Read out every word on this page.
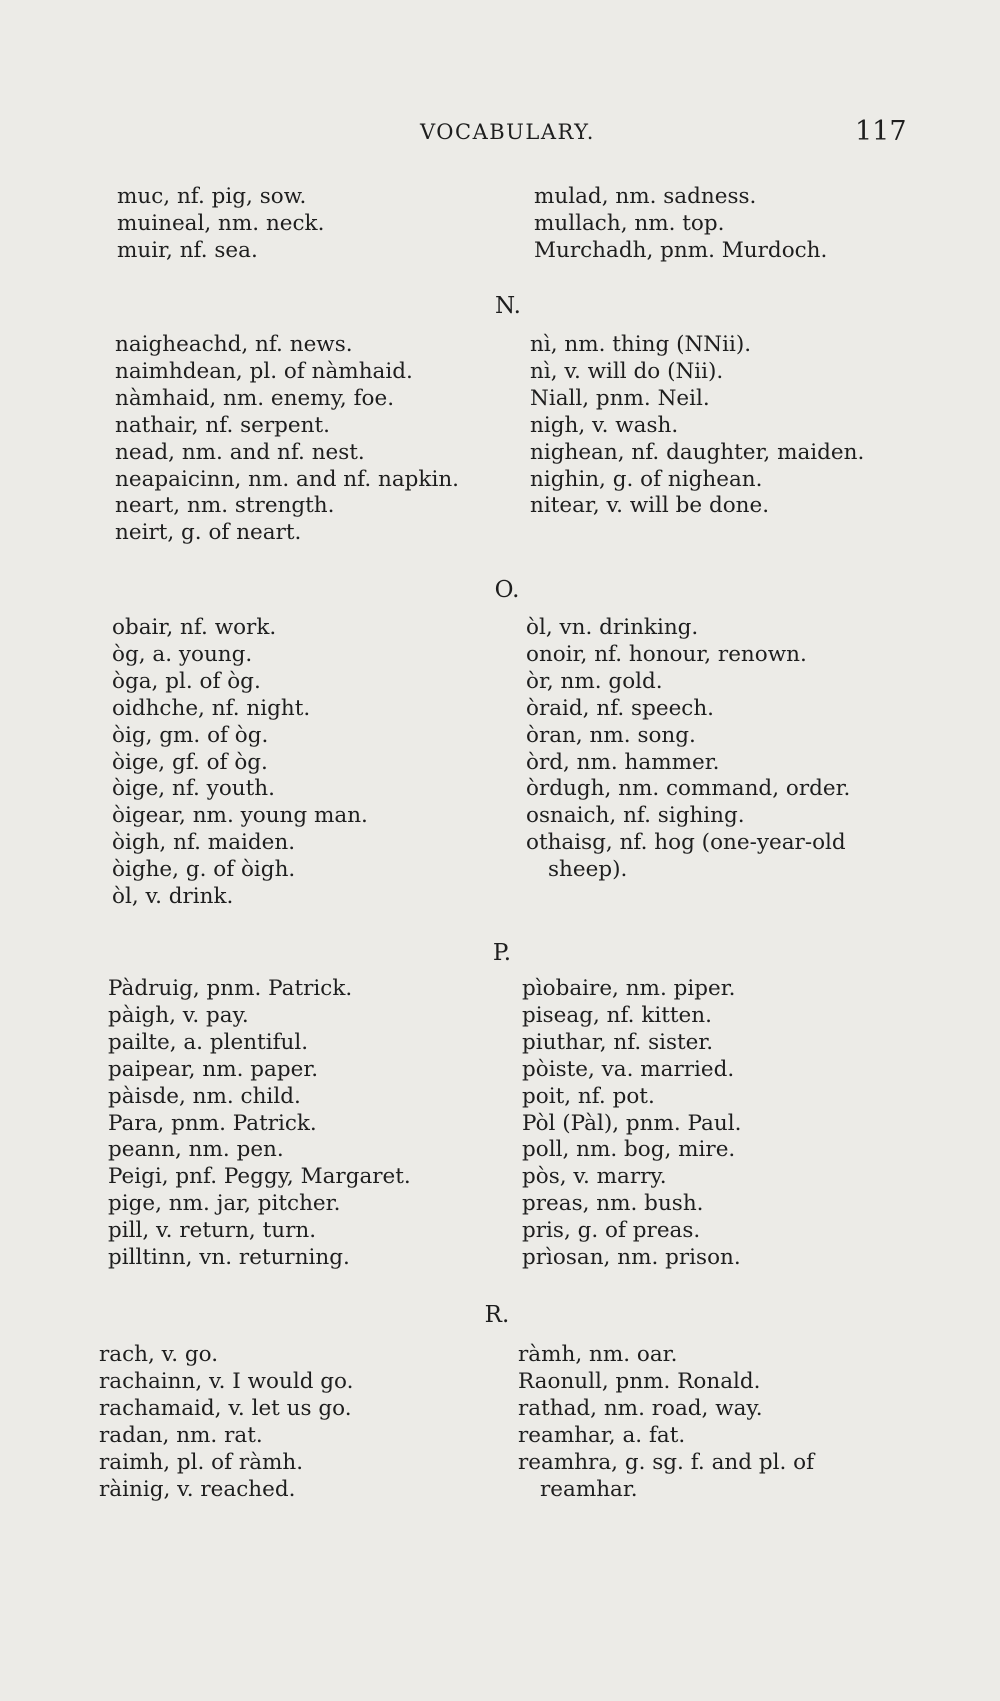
VOCABULARY.	117

muc, nf. pig, sow.

muineal, nm. neck.

muir, nf. sea.

mulad, nm. sadness.

mullach, nm. top.

Murchadh, pnm. Murdoch.

N.

naigheachd, nf. news.

naimhdean, pl. of nàmhaid.

nàmhaid, nm. enemy, foe.

nathair, nf. serpent.

nead, nm. and nf. nest.

neapaicinn, nm. and nf. napkin.

neart, nm. strength.

neirt, g. of neart.

nì, nm. thing (NNii).

nì, v. will do (Nii).

Niall, pnm. Neil.

nigh, v. wash.

nighean, nf. daughter, maiden.

nighin, g. of nighean.

nitear, v. will be done.

O.

obair, nf. work.

òg, a. young.

òga, pl. of òg.

oidhche, nf. night.

òig, gm. of òg.

òige, gf. of òg.

òige, nf. youth.

òigear, nm. young man.

òigh, nf. maiden.

òighe, g. of òigh.

òl, v. drink.

òl, vn. drinking.

onoir, nf. honour, renown.

òr, nm. gold.

òraid, nf. speech.

òran, nm. song.

òrd, nm. hammer.

òrdugh, nm. command, order.

osnaich, nf. sighing.

othaisg, nf. hog (one-year-old

sheep).

P.

Pàdruig, pnm. Patrick.

pàigh, v. pay.

pailte, a. plentiful.

paipear, nm. paper.

pàisde, nm. child.

Para, pnm. Patrick.

peann, nm. pen.

Peigi, pnf. Peggy, Margaret.

pige, nm. jar, pitcher.

pill, v. return, turn.

pilltinn, vn. returning.

pìobaire, nm. piper.

piseag, nf. kitten.

piuthar, nf. sister.

pòiste, va. married.

poit, nf. pot.

Pòl (Pàl), pnm. Paul.

poll, nm. bog, mire.

pòs, v. marry.

preas, nm. bush.

pris, g. of preas.

prìosan, nm. prison.

R.

rach, v. go.

rachainn, v. I would go.

rachamaid, v. let us go.

radan, nm. rat.

raimh, pl. of ràmh.

ràinig, v. reached.

ràmh, nm. oar.

Raonull, pnm. Ronald.

rathad, nm. road, way.

reamhar, a. fat.

reamhra, g. sg. f. and pl. of

reamhar.
